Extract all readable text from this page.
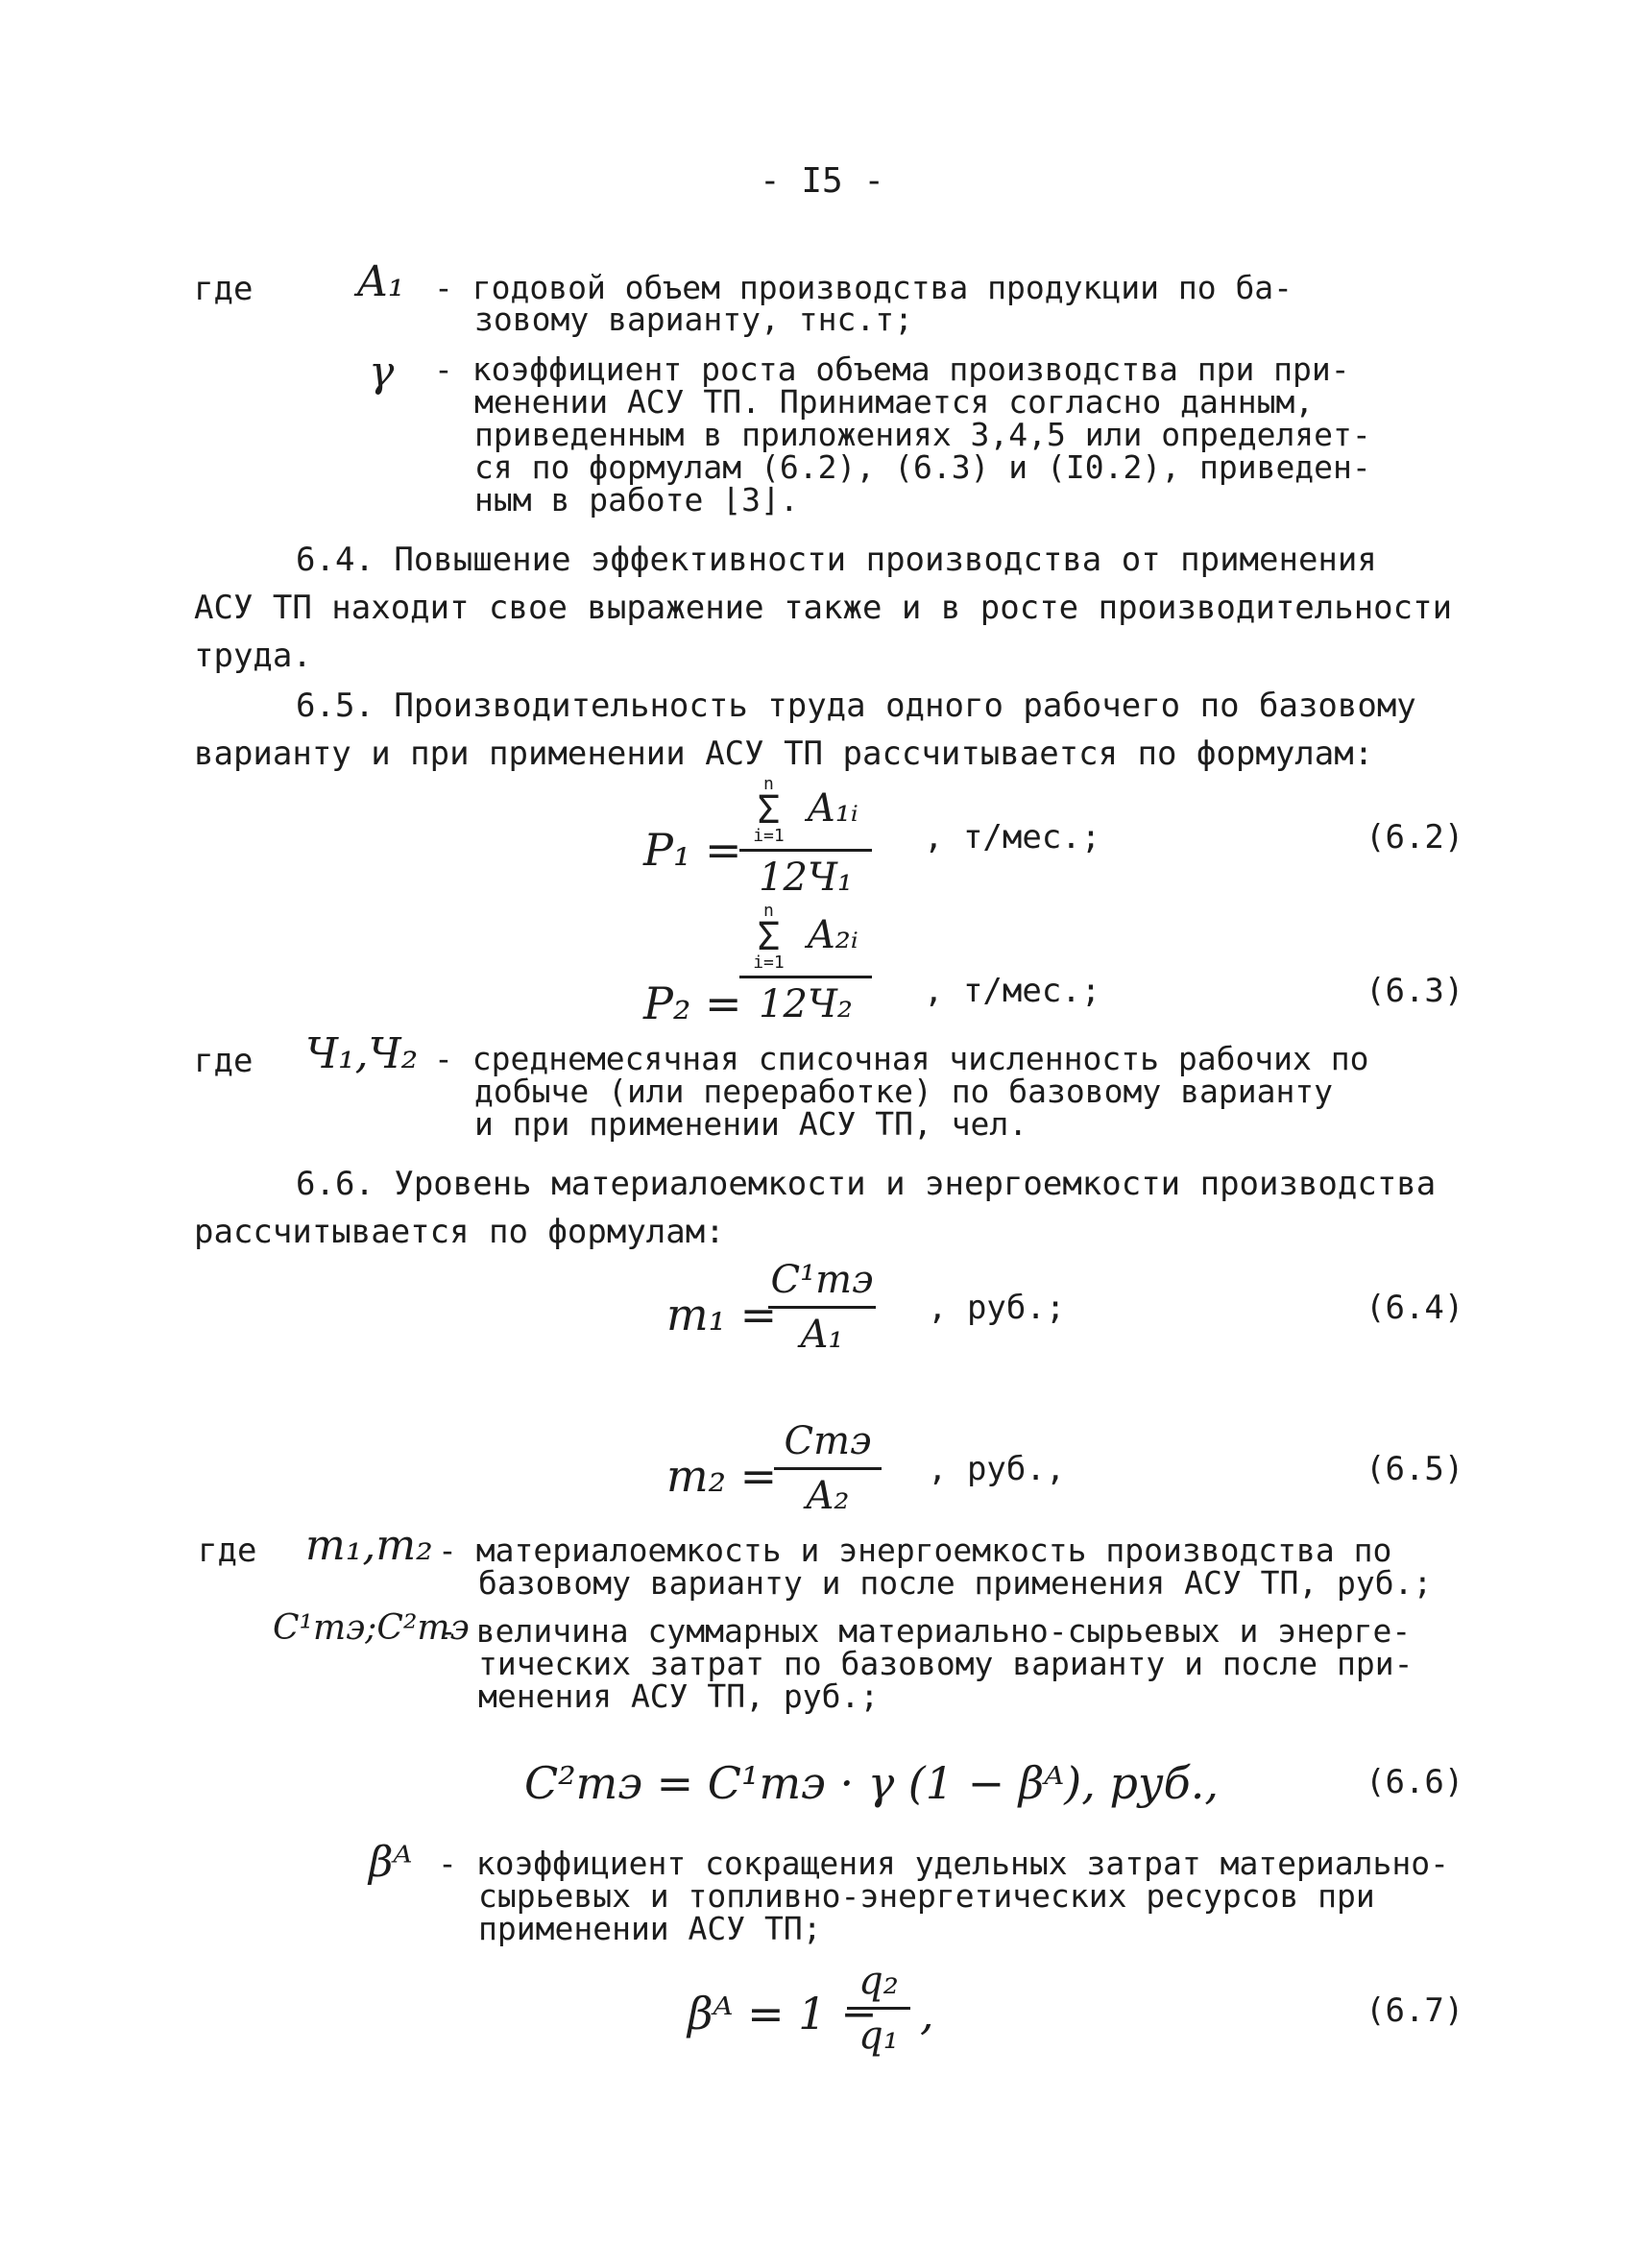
- I5 -
где A₁ - годовой объем производства продукции по ба-
зовому варианту, тнс.т;
γ - коэффициент роста объема производства при при-
менении АСУ ТП. Принимается согласно данным,
приведенным в приложениях 3,4,5 или определяет-
ся по формулам (6.2), (6.3) и (I0.2), приведен-
ным в работе ⌊3⌋.
6.4. Повышение эффективности производства от применения
АСУ ТП находит свое выражение также и в росте производительности
труда.
6.5. Производительность труда одного рабочего по базовому
варианту и при применении АСУ ТП рассчитывается по формулам:
P₁ =
n
Σ
i=1
A₁ᵢ
12Ч₁
, т/мес.;	(6.2)
P₂ =
n
Σ
i=1
A₂ᵢ
12Ч₂	, т/мес.;	(6.3)
где Ч₁,Ч₂ - среднемесячная списочная численность рабочих по
добыче (или переработке) по базовому варианту
и при применении АСУ ТП, чел.
6.6. Уровень материалоемкости и энергоемкости производства
рассчитывается по формулам:
m₁ =
C¹mэ
A₁
, руб.;	(6.4)
m₂ =
Cmэ
A₂
, руб.,	(6.5)
где m₁,m₂ - материалоемкость и энергоемкость производства по
базовому варианту и после применения АСУ ТП, руб.;
C¹mэ;C²mэ
- величина суммарных материально-сырьевых и энерге-
тических затрат по базовому варианту и после при-
менения АСУ ТП, руб.;
C²mэ = C¹mэ · γ (1 − βᴬ), руб.,	(6.6)
βᴬ - коэффициент сокращения удельных затрат материально-
сырьевых и топливно-энергетических ресурсов при
применении АСУ ТП;
βᴬ = 1 −
q₂
q₁ ,	(6.7)
